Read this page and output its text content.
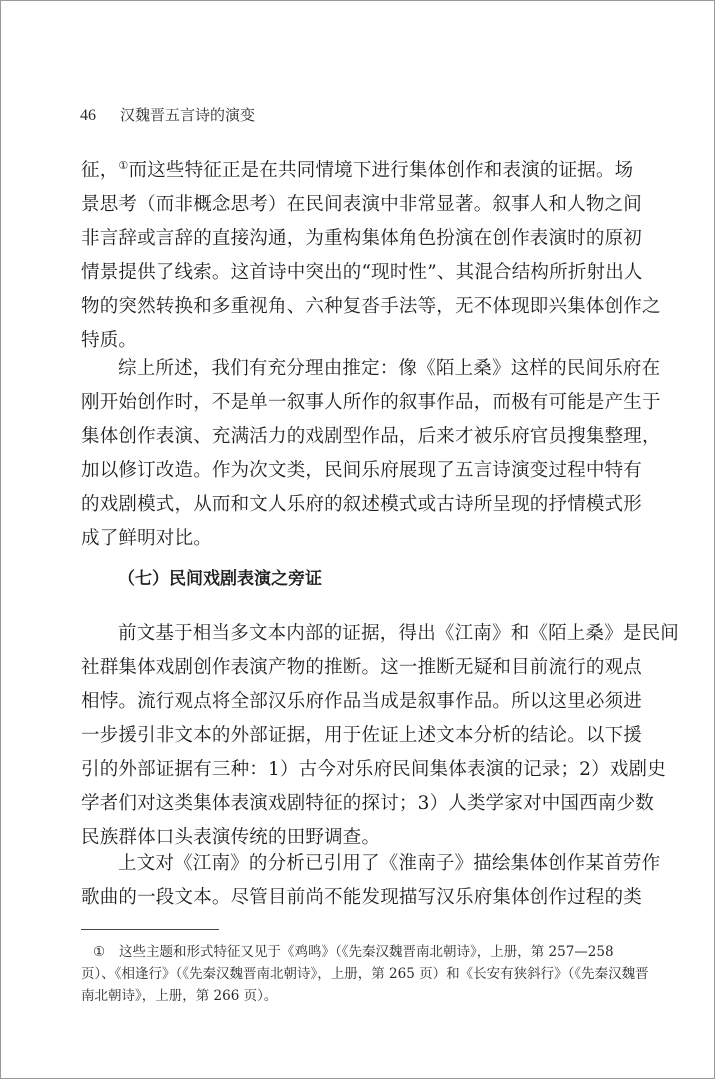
46 汉魏晋五言诗的演变
征，①而这些特征正是在共同情境下进行集体创作和表演的证据。场
景思考（而非概念思考）在民间表演中非常显著。叙事人和人物之间
非言辞或言辞的直接沟通，为重构集体角色扮演在创作表演时的原初
情景提供了线索。这首诗中突出的“现时性”、其混合结构所折射出人
物的突然转换和多重视角、六种复沓手法等，无不体现即兴集体创作之
特质。
综上所述，我们有充分理由推定：像《陌上桑》这样的民间乐府在
刚开始创作时，不是单一叙事人所作的叙事作品，而极有可能是产生于
集体创作表演、充满活力的戏剧型作品，后来才被乐府官员搜集整理，
加以修订改造。作为次文类，民间乐府展现了五言诗演变过程中特有
的戏剧模式，从而和文人乐府的叙述模式或古诗所呈现的抒情模式形
成了鲜明对比。
（七）民间戏剧表演之旁证
前文基于相当多文本内部的证据，得出《江南》和《陌上桑》是民间
社群集体戏剧创作表演产物的推断。这一推断无疑和目前流行的观点
相悖。流行观点将全部汉乐府作品当成是叙事作品。所以这里必须进
一步援引非文本的外部证据，用于佐证上述文本分析的结论。以下援
引的外部证据有三种：1）古今对乐府民间集体表演的记录；2）戏剧史
学者们对这类集体表演戏剧特征的探讨；3）人类学家对中国西南少数
民族群体口头表演传统的田野调查。
上文对《江南》的分析已引用了《淮南子》描绘集体创作某首劳作
歌曲的一段文本。尽管目前尚不能发现描写汉乐府集体创作过程的类
① 这些主题和形式特征又见于《鸡鸣》（《先秦汉魏晋南北朝诗》，上册，第 257—258
页）、《相逢行》（《先秦汉魏晋南北朝诗》，上册，第 265 页）和《长安有狭斜行》（《先秦汉魏晋
南北朝诗》，上册，第 266 页）。
